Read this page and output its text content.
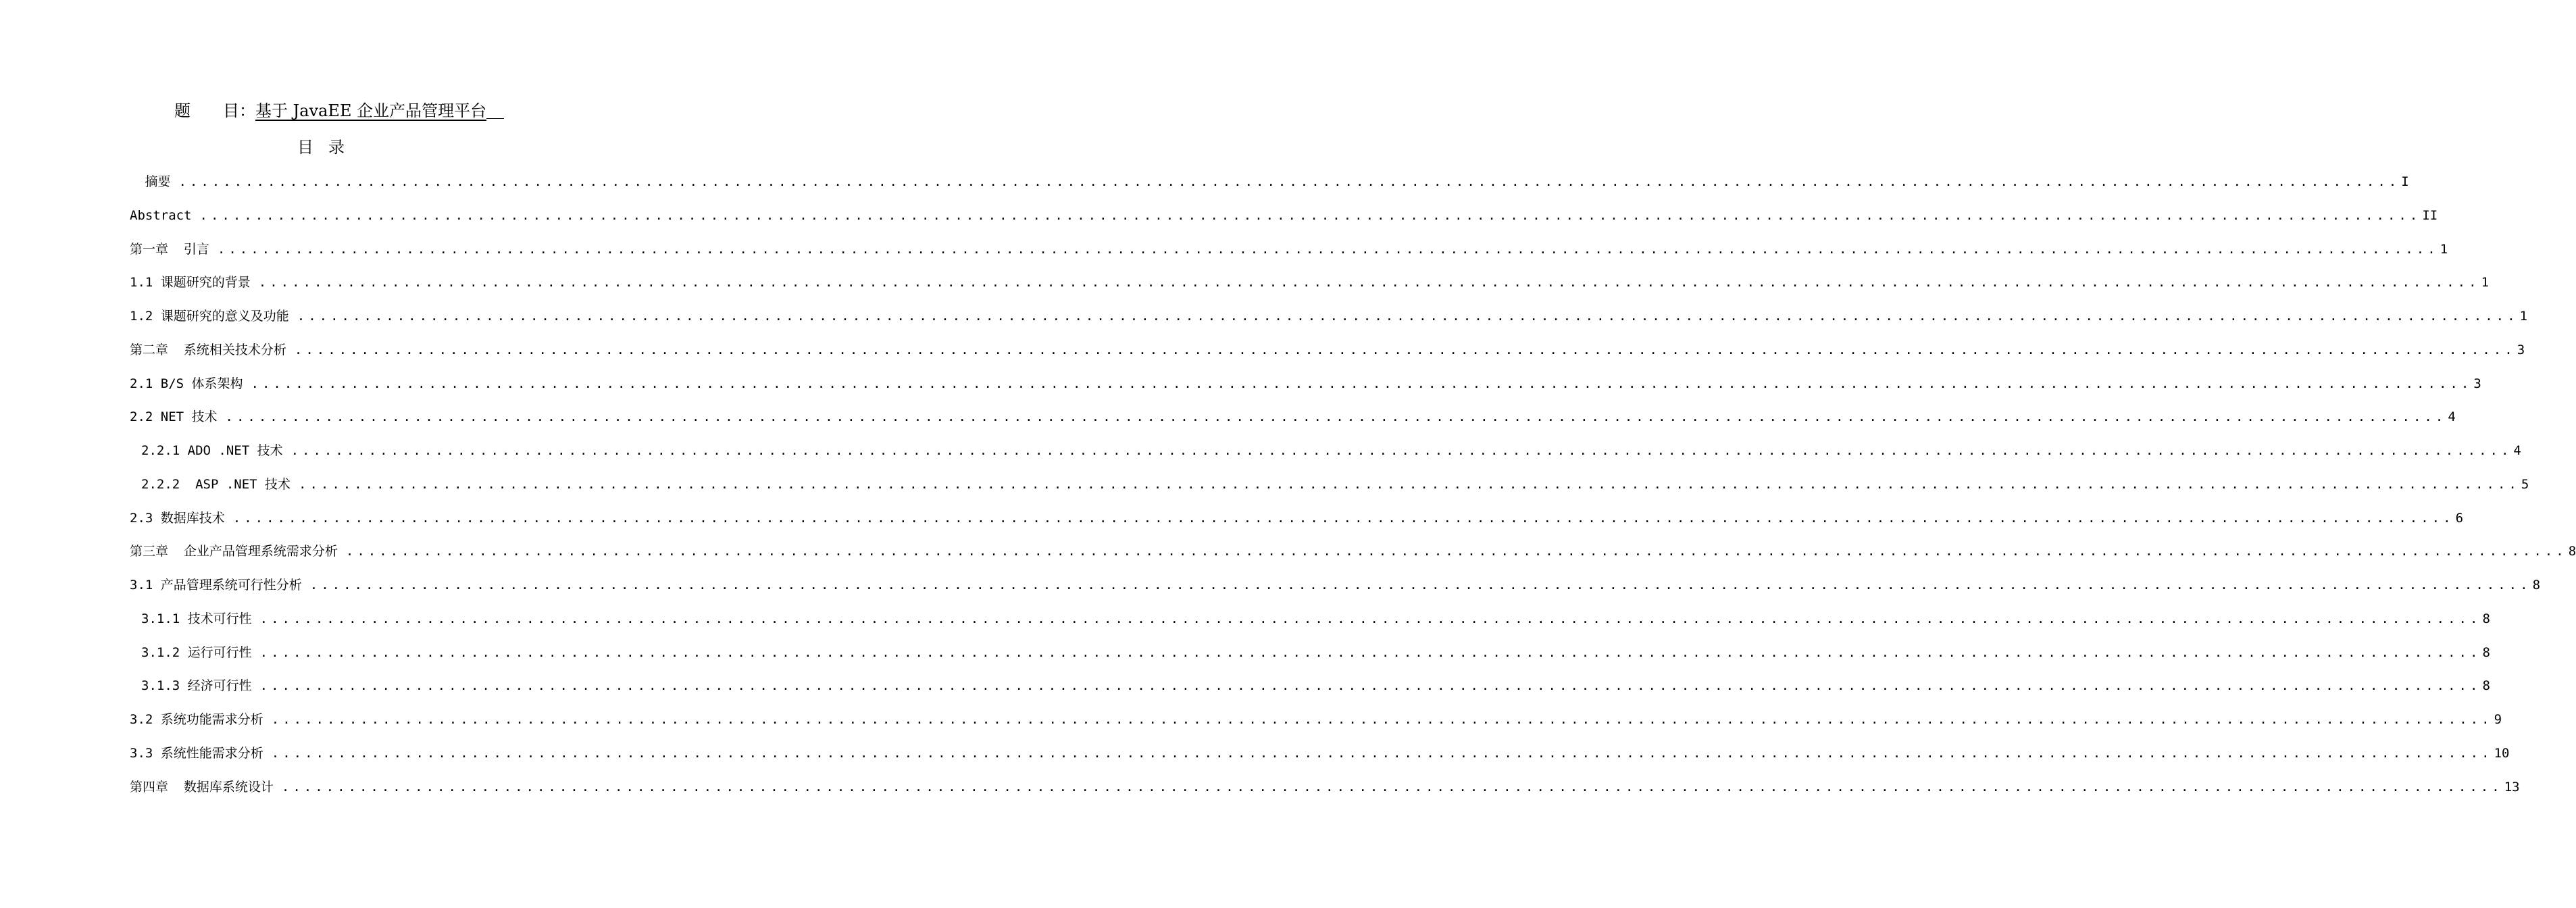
题　　目：基于 JavaEE 企业产品管理平台
目录
摘要 ........................................................................................................................................................................................................ I
Abstract ........................................................................................................................................................................................................ II
第一章  引言 ........................................................................................................................................................................................................ 1
1.1 课题研究的背景 ........................................................................................................................................................................................................ 1
1.2 课题研究的意义及功能 ........................................................................................................................................................................................................ 1
第二章  系统相关技术分析 ........................................................................................................................................................................................................ 3
2.1 B/S 体系架构 ........................................................................................................................................................................................................ 3
2.2 NET 技术 ........................................................................................................................................................................................................ 4
2.2.1 ADO .NET 技术 ........................................................................................................................................................................................................ 4
2.2.2  ASP .NET 技术 ........................................................................................................................................................................................................ 5
2.3 数据库技术 ........................................................................................................................................................................................................ 6
第三章  企业产品管理系统需求分析 ........................................................................................................................................................................................................ 8
3.1 产品管理系统可行性分析 ........................................................................................................................................................................................................ 8
3.1.1 技术可行性 ........................................................................................................................................................................................................ 8
3.1.2 运行可行性 ........................................................................................................................................................................................................ 8
3.1.3 经济可行性 ........................................................................................................................................................................................................ 8
3.2 系统功能需求分析 ........................................................................................................................................................................................................ 9
3.3 系统性能需求分析 ........................................................................................................................................................................................................ 10
第四章  数据库系统设计 ........................................................................................................................................................................................................ 13
